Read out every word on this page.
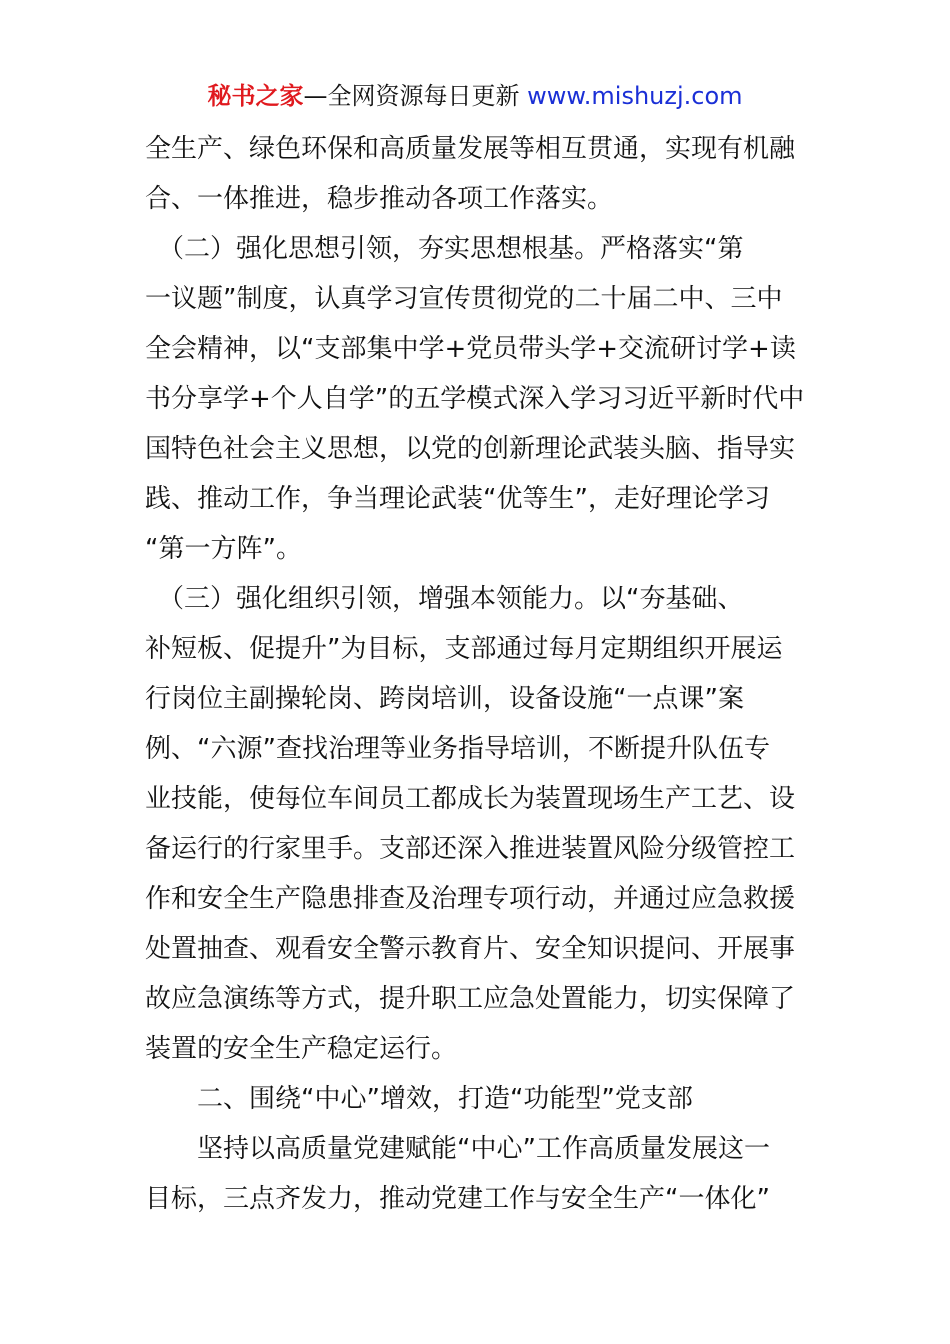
秘书之家—全网资源每日更新 www.mishuzj.com
全生产、绿色环保和高质量发展等相互贯通，实现有机融
合、一体推进，稳步推动各项工作落实。
　（二）强化思想引领，夯实思想根基。严格落实“第
一议题”制度，认真学习宣传贯彻党的二十届二中、三中
全会精神，以“支部集中学+党员带头学+交流研讨学+读
书分享学+个人自学”的五学模式深入学习习近平新时代中
国特色社会主义思想，以党的创新理论武装头脑、指导实
践、推动工作，争当理论武装“优等生”，走好理论学习
“第一方阵”。
　（三）强化组织引领，增强本领能力。以“夯基础、
补短板、促提升”为目标，支部通过每月定期组织开展运
行岗位主副操轮岗、跨岗培训，设备设施“一点课”案
例、“六源”查找治理等业务指导培训，不断提升队伍专
业技能，使每位车间员工都成长为装置现场生产工艺、设
备运行的行家里手。支部还深入推进装置风险分级管控工
作和安全生产隐患排查及治理专项行动，并通过应急救援
处置抽查、观看安全警示教育片、安全知识提问、开展事
故应急演练等方式，提升职工应急处置能力，切实保障了
装置的安全生产稳定运行。
　　二、围绕“中心”增效，打造“功能型”党支部
　　坚持以高质量党建赋能“中心”工作高质量发展这一
目标，三点齐发力，推动党建工作与安全生产“一体化”
